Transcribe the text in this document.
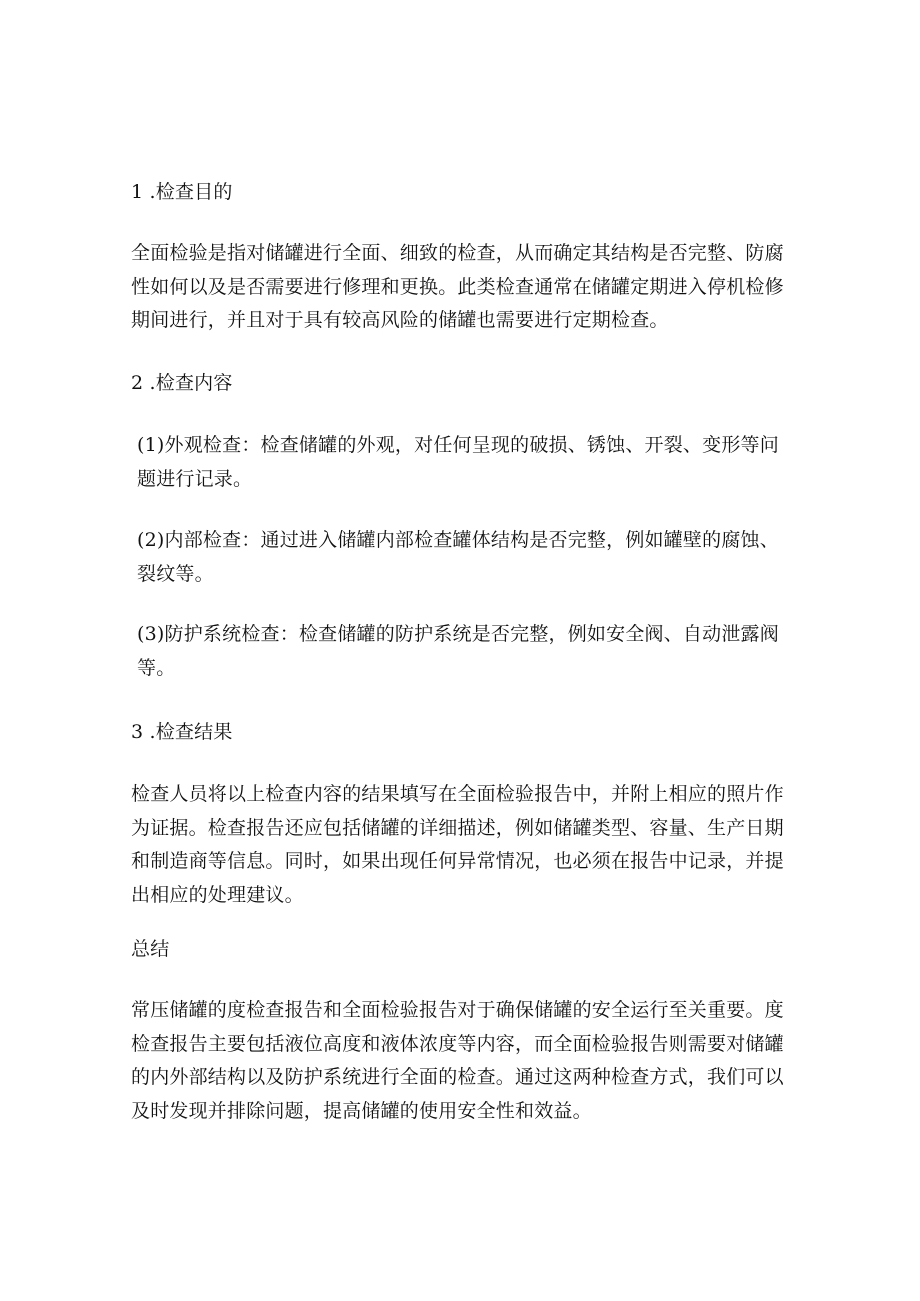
1 .检查目的

全面检验是指对储罐进行全面、细致的检查，从而确定其结构是否完整、防腐性如何以及是否需要进行修理和更换。此类检查通常在储罐定期进入停机检修期间进行，并且对于具有较高风险的储罐也需要进行定期检查。

2 .检查内容

(1)外观检查：检查储罐的外观，对任何呈现的破损、锈蚀、开裂、变形等问题进行记录。

(2)内部检查：通过进入储罐内部检查罐体结构是否完整，例如罐壁的腐蚀、裂纹等。

(3)防护系统检查：检查储罐的防护系统是否完整，例如安全阀、自动泄露阀等。

3 .检查结果

检查人员将以上检查内容的结果填写在全面检验报告中，并附上相应的照片作为证据。检查报告还应包括储罐的详细描述，例如储罐类型、容量、生产日期和制造商等信息。同时，如果出现任何异常情况，也必须在报告中记录，并提出相应的处理建议。

总结

常压储罐的度检查报告和全面检验报告对于确保储罐的安全运行至关重要。度检查报告主要包括液位高度和液体浓度等内容，而全面检验报告则需要对储罐的内外部结构以及防护系统进行全面的检查。通过这两种检查方式，我们可以及时发现并排除问题，提高储罐的使用安全性和效益。
